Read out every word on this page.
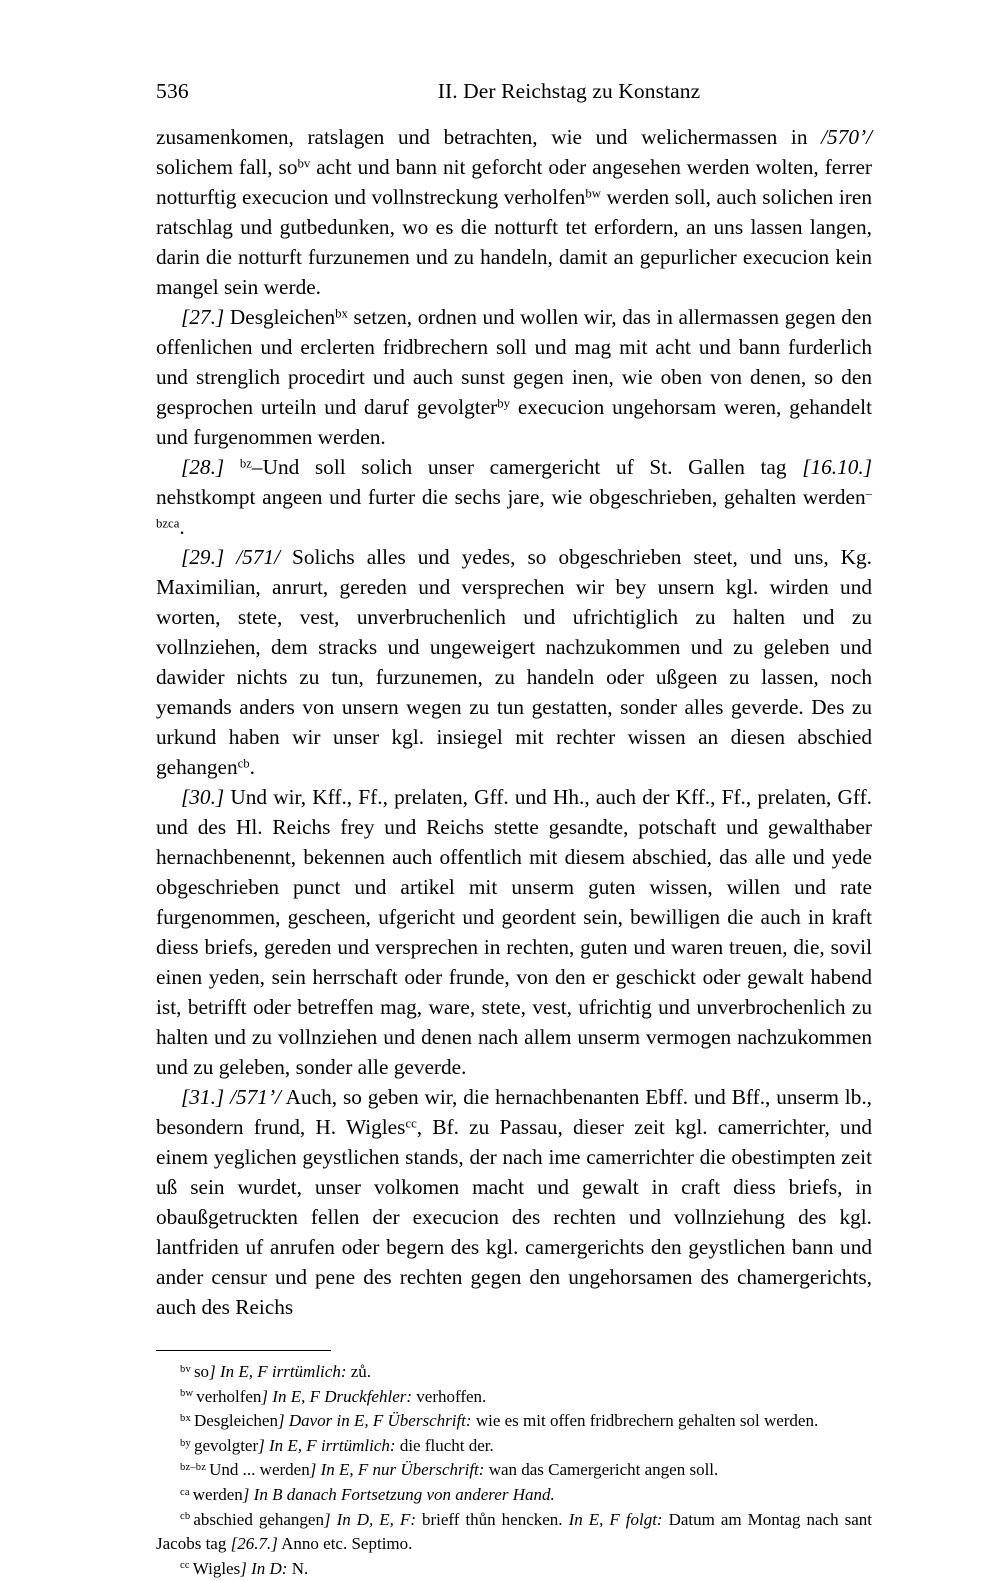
536	II. Der Reichstag zu Konstanz

zusamenkomen, ratslagen und betrachten, wie und welichermassen in /570’/ solichem fall, $so^{bv}$ acht und bann nit geforcht oder angesehen werden wolten, ferrer notturftig execucion und vollnstreckung verholfen$^{bw}$ werden soll, auch solichen iren ratschlag und gutbedunken, wo es die notturft tet erfordern, an uns lassen langen, darin die notturft furzunemen und zu handeln, damit an gepurlicher execucion kein mangel sein werde.

[27.] Desgleichen$^{bx}$ setzen, ordnen und wollen wir, das in allermassen gegen den offenlichen und erclerten fridbrechern soll und mag mit acht und bann furderlich und strenglich procedirt und auch sunst gegen inen, wie oben von denen, so den gesprochen urteiln und daruf gevolgter$^{by}$ execucion ungehorsam weren, gehandelt und furgenommen werden.

[28.] $^{bz}$–Und soll solich unser camergericht uf St. Gallen tag [16.10.] nehstkompt angeen und furter die sechs jare, wie obgeschrieben, gehalten werden$^{-bzca}$.

[29.] /571/ Solichs alles und yedes, so obgeschrieben steet, und uns, Kg. Maximilian, anrurt, gereden und versprechen wir bey unsern kgl. wirden und worten, stete, vest, unverbruchenlich und ufrichtiglich zu halten und zu vollnziehen, dem stracks und ungeweigert nachzukommen und zu geleben und dawider nichts zu tun, furzunemen, zu handeln oder ußgeen zu lassen, noch yemands anders von unsern wegen zu tun gestatten, sonder alles geverde. Des zu urkund haben wir unser kgl. insiegel mit rechter wissen an diesen abschied gehangen$^{cb}$.

[30.] Und wir, Kff., Ff., prelaten, Gff. und Hh., auch der Kff., Ff., prelaten, Gff. und des Hl. Reichs frey und Reichs stette gesandte, potschaft und gewalthaber hernachbenennt, bekennen auch offentlich mit diesem abschied, das alle und yede obgeschrieben punct und artikel mit unserm guten wissen, willen und rate furgenommen, gescheen, ufgericht und geordent sein, bewilligen die auch in kraft diess briefs, gereden und versprechen in rechten, guten und waren treuen, die, sovil einen yeden, sein herrschaft oder frunde, von den er geschickt oder gewalt habend ist, betrifft oder betreffen mag, ware, stete, vest, ufrichtig und unverbrochenlich zu halten und zu vollnziehen und denen nach allem unserm vermogen nachzukommen und zu geleben, sonder alle geverde.

[31.] /571’/ Auch, so geben wir, die hernachbenanten Ebff. und Bff., unserm lb., besondern frund, H. Wigles$^{cc}$, Bf. zu Passau, dieser zeit kgl. camerrichter, und einem yeglichen geystlichen stands, der nach ime camerrichter die obestimpten zeit uß sein wurdet, unser volkomen macht und gewalt in craft diess briefs, in obaußgetruckten fellen der execucion des rechten und vollnziehung des kgl. lantfriden uf anrufen oder begern des kgl. camergerichts den geystlichen bann und ander censur und pene des rechten gegen den ungehorsamen des chamergerichts, auch des Reichs

$^{bv}$ so] In E, F irrtümlich: zů.

$^{bw}$ verholfen] In E, F Druckfehler: verhoffen.

$^{bx}$ Desgleichen] Davor in E, F Überschrift: wie es mit offen fridbrechern gehalten sol werden.

$^{by}$ gevolgter] In E, F irrtümlich: die flucht der.

$^{bz-bz}$ Und ... werden] In E, F nur Überschrift: wan das Camergericht angen soll.

$^{ca}$ werden] In B danach Fortsetzung von anderer Hand.

$^{cb}$ abschied gehangen] In D, E, F: brieff thůn hencken. In E, F folgt: Datum am Montag nach sant Jacobs tag [26.7.] Anno etc. Septimo.

$^{cc}$ Wigles] In D: N.
